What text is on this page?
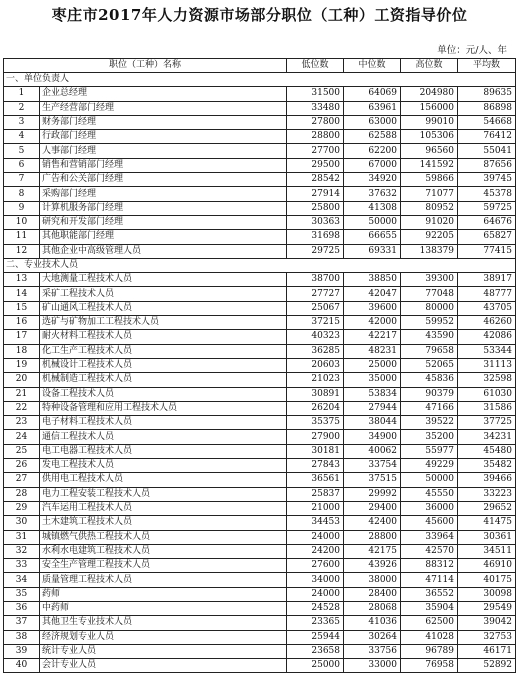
枣庄市2017年人力资源市场部分职位（工种）工资指导价位
单位：元/人、年
职位（工种）名称		低位数	中位数	高位数	平均数
一、单位负责人					
1	企业总经理	31500	64069	204980	89635
2	生产经营部门经理	33480	63961	156000	86898
3	财务部门经理	27800	63000	99010	54668
4	行政部门经理	28800	62588	105306	76412
5	人事部门经理	27700	62200	96560	55041
6	销售和营销部门经理	29500	67000	141592	87656
7	广告和公关部门经理	28542	34920	59866	39745
8	采购部门经理	27914	37632	71077	45378
9	计算机服务部门经理	25800	41308	80952	59725
10	研究和开发部门经理	30363	50000	91020	64676
11	其他职能部门经理	31698	66655	92205	65827
12	其他企业中高级管理人员	29725	69331	138379	77415
二、专业技术人员					
13	大地测量工程技术人员	38700	38850	39300	38917
14	采矿工程技术人员	27727	42047	77048	48777
15	矿山通风工程技术人员	25067	39600	80000	43705
16	选矿与矿物加工工程技术人员	37215	42000	59952	46260
17	耐火材料工程技术人员	40323	42217	43590	42086
18	化工生产工程技术人员	36285	48231	79658	53344
19	机械设计工程技术人员	20603	25000	52065	31113
20	机械制造工程技术人员	21023	35000	45836	32598
21	设备工程技术人员	30891	53834	90379	61030
22	特种设备管理和应用工程技术人员	26204	27944	47166	31586
23	电子材料工程技术人员	35375	38044	39522	37725
24	通信工程技术人员	27900	34900	35200	34231
25	电工电器工程技术人员	30181	40062	55977	45480
26	发电工程技术人员	27843	33754	49229	35482
27	供用电工程技术人员	36561	37515	50000	39466
28	电力工程安装工程技术人员	25837	29992	45550	33223
29	汽车运用工程技术人员	21000	29400	36000	29652
30	土木建筑工程技术人员	34453	42400	45600	41475
31	城镇燃气供热工程技术人员	24000	28800	33964	30361
32	水利水电建筑工程技术人员	24200	42175	42570	34511
33	安全生产管理工程技术人员	27600	43926	88312	46910
34	质量管理工程技术人员	34000	38000	47114	40175
35	药师	24000	28400	36552	30098
36	中药师	24528	28068	35904	29549
37	其他卫生专业技术人员	23365	41036	62500	39042
38	经济规划专业人员	25944	30264	41028	32753
39	统计专业人员	23658	33756	96789	46171
40	会计专业人员	25000	33000	76958	52892
